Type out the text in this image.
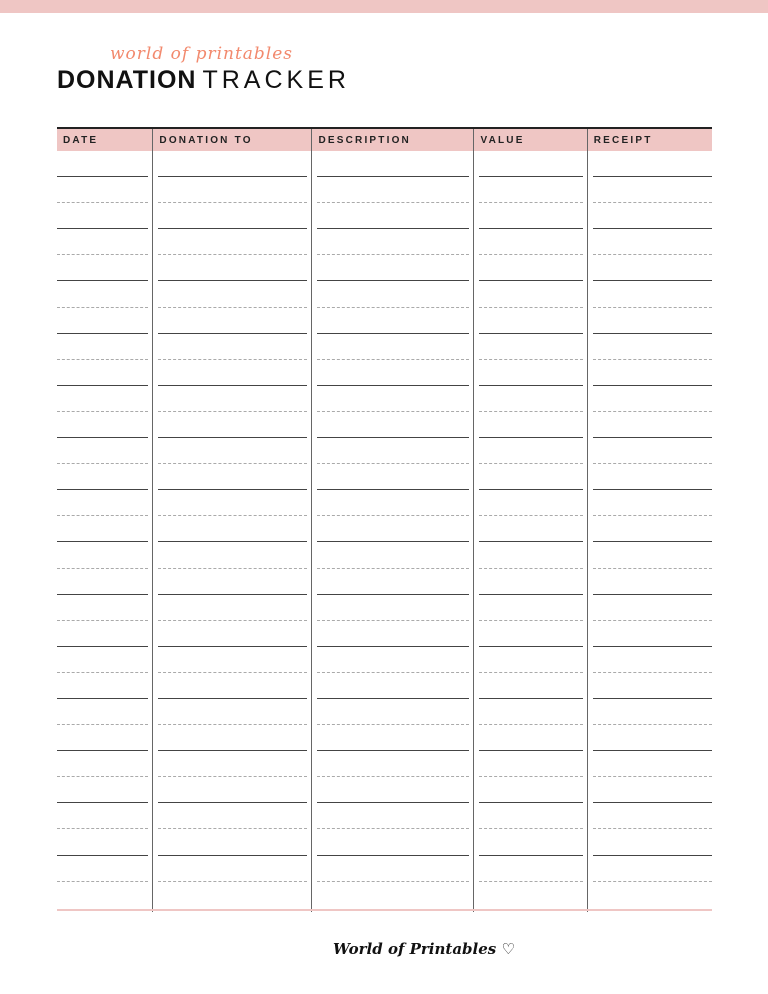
world of printables
DONATION TRACKER
DATE	DONATION TO	DESCRIPTION	VALUE	RECEIPT
World of Printables ♡
